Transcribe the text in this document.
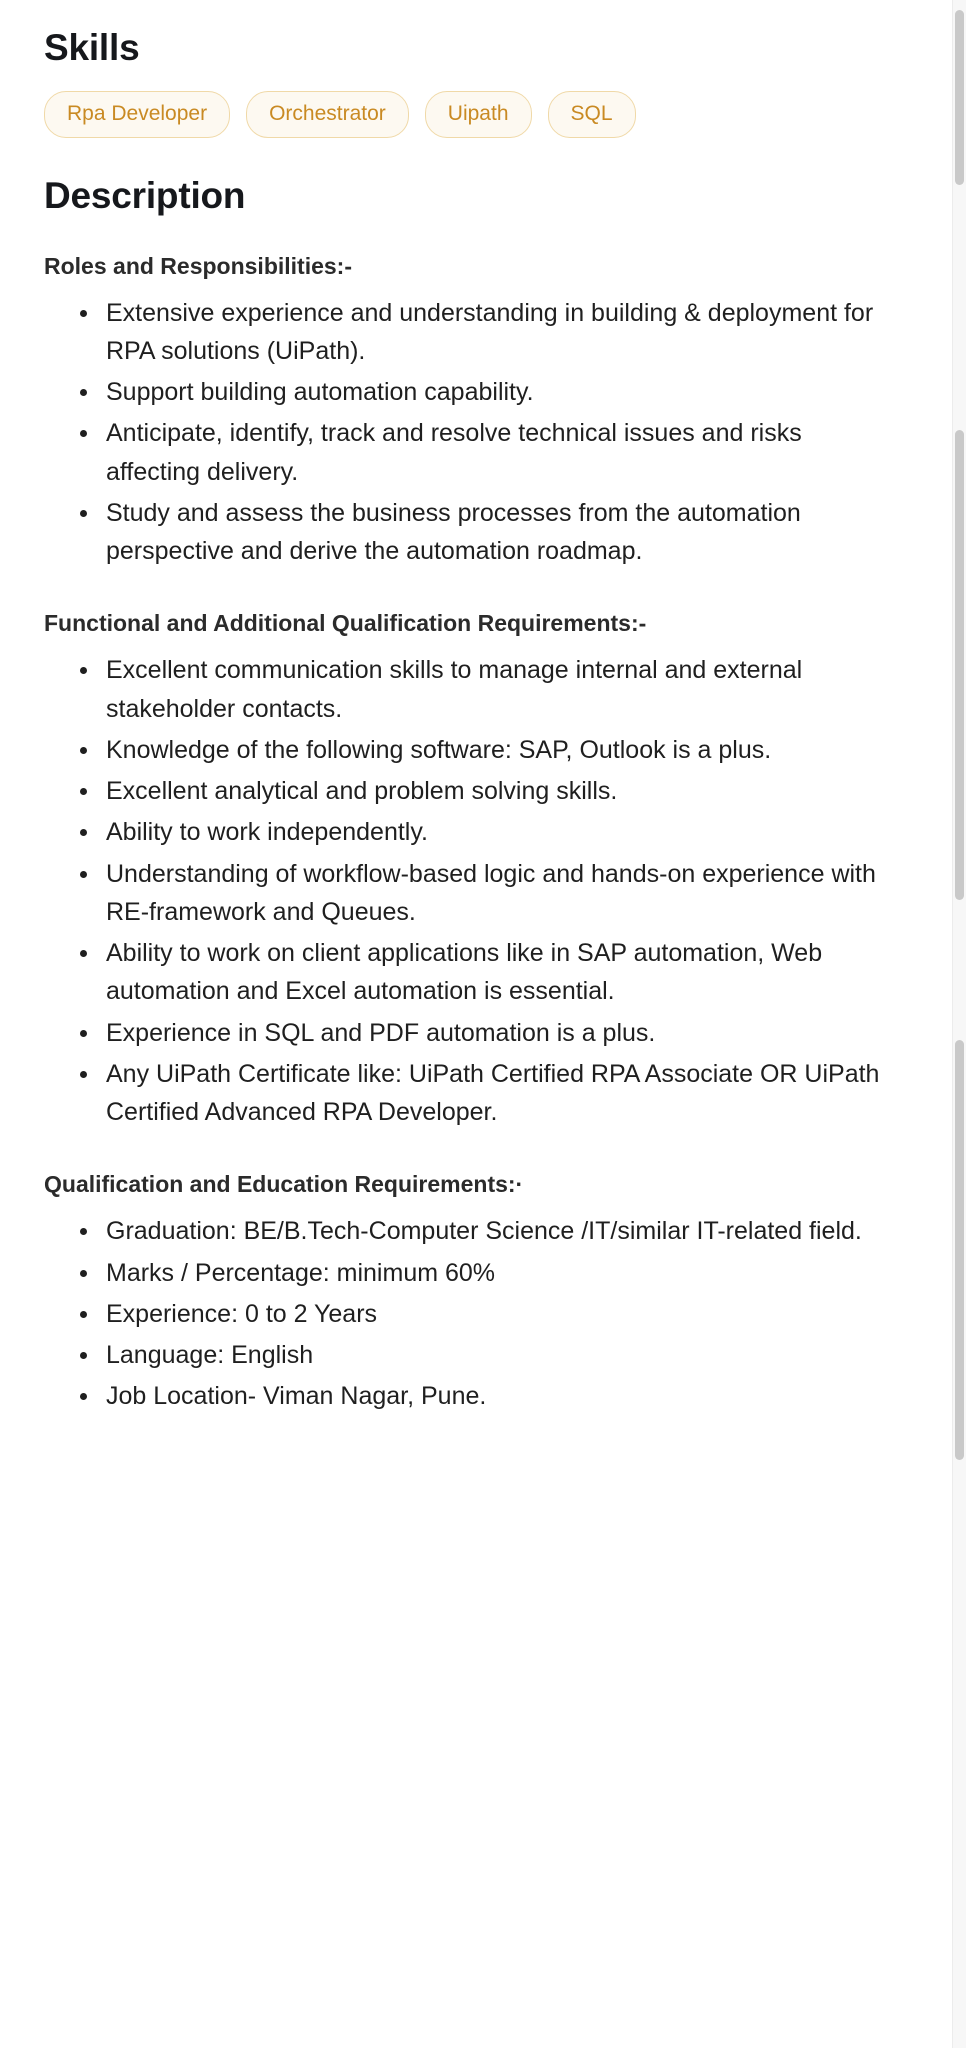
Skills
Rpa Developer	Orchestrator	Uipath	SQL
Description

Roles and Responsibilities:-

Extensive experience and understanding in building & deployment for RPA solutions (UiPath).
Support building automation capability.
Anticipate, identify, track and resolve technical issues and risks affecting delivery.
Study and assess the business processes from the automation perspective and derive the automation roadmap.

Functional and Additional Qualification Requirements:-

Excellent communication skills to manage internal and external stakeholder contacts.
Knowledge of the following software: SAP, Outlook is a plus.
Excellent analytical and problem solving skills.
Ability to work independently.
Understanding of workflow-based logic and hands-on experience with RE-framework and Queues.
Ability to work on client applications like in SAP automation, Web automation and Excel automation is essential.
Experience in SQL and PDF automation is a plus.
Any UiPath Certificate like: UiPath Certified RPA Associate OR UiPath Certified Advanced RPA Developer.

Qualification and Education Requirements:·

Graduation: BE/B.Tech-Computer Science /IT/similar IT-related field.
Marks / Percentage: minimum 60%
Experience: 0 to 2 Years
Language: English
Job Location- Viman Nagar, Pune.
